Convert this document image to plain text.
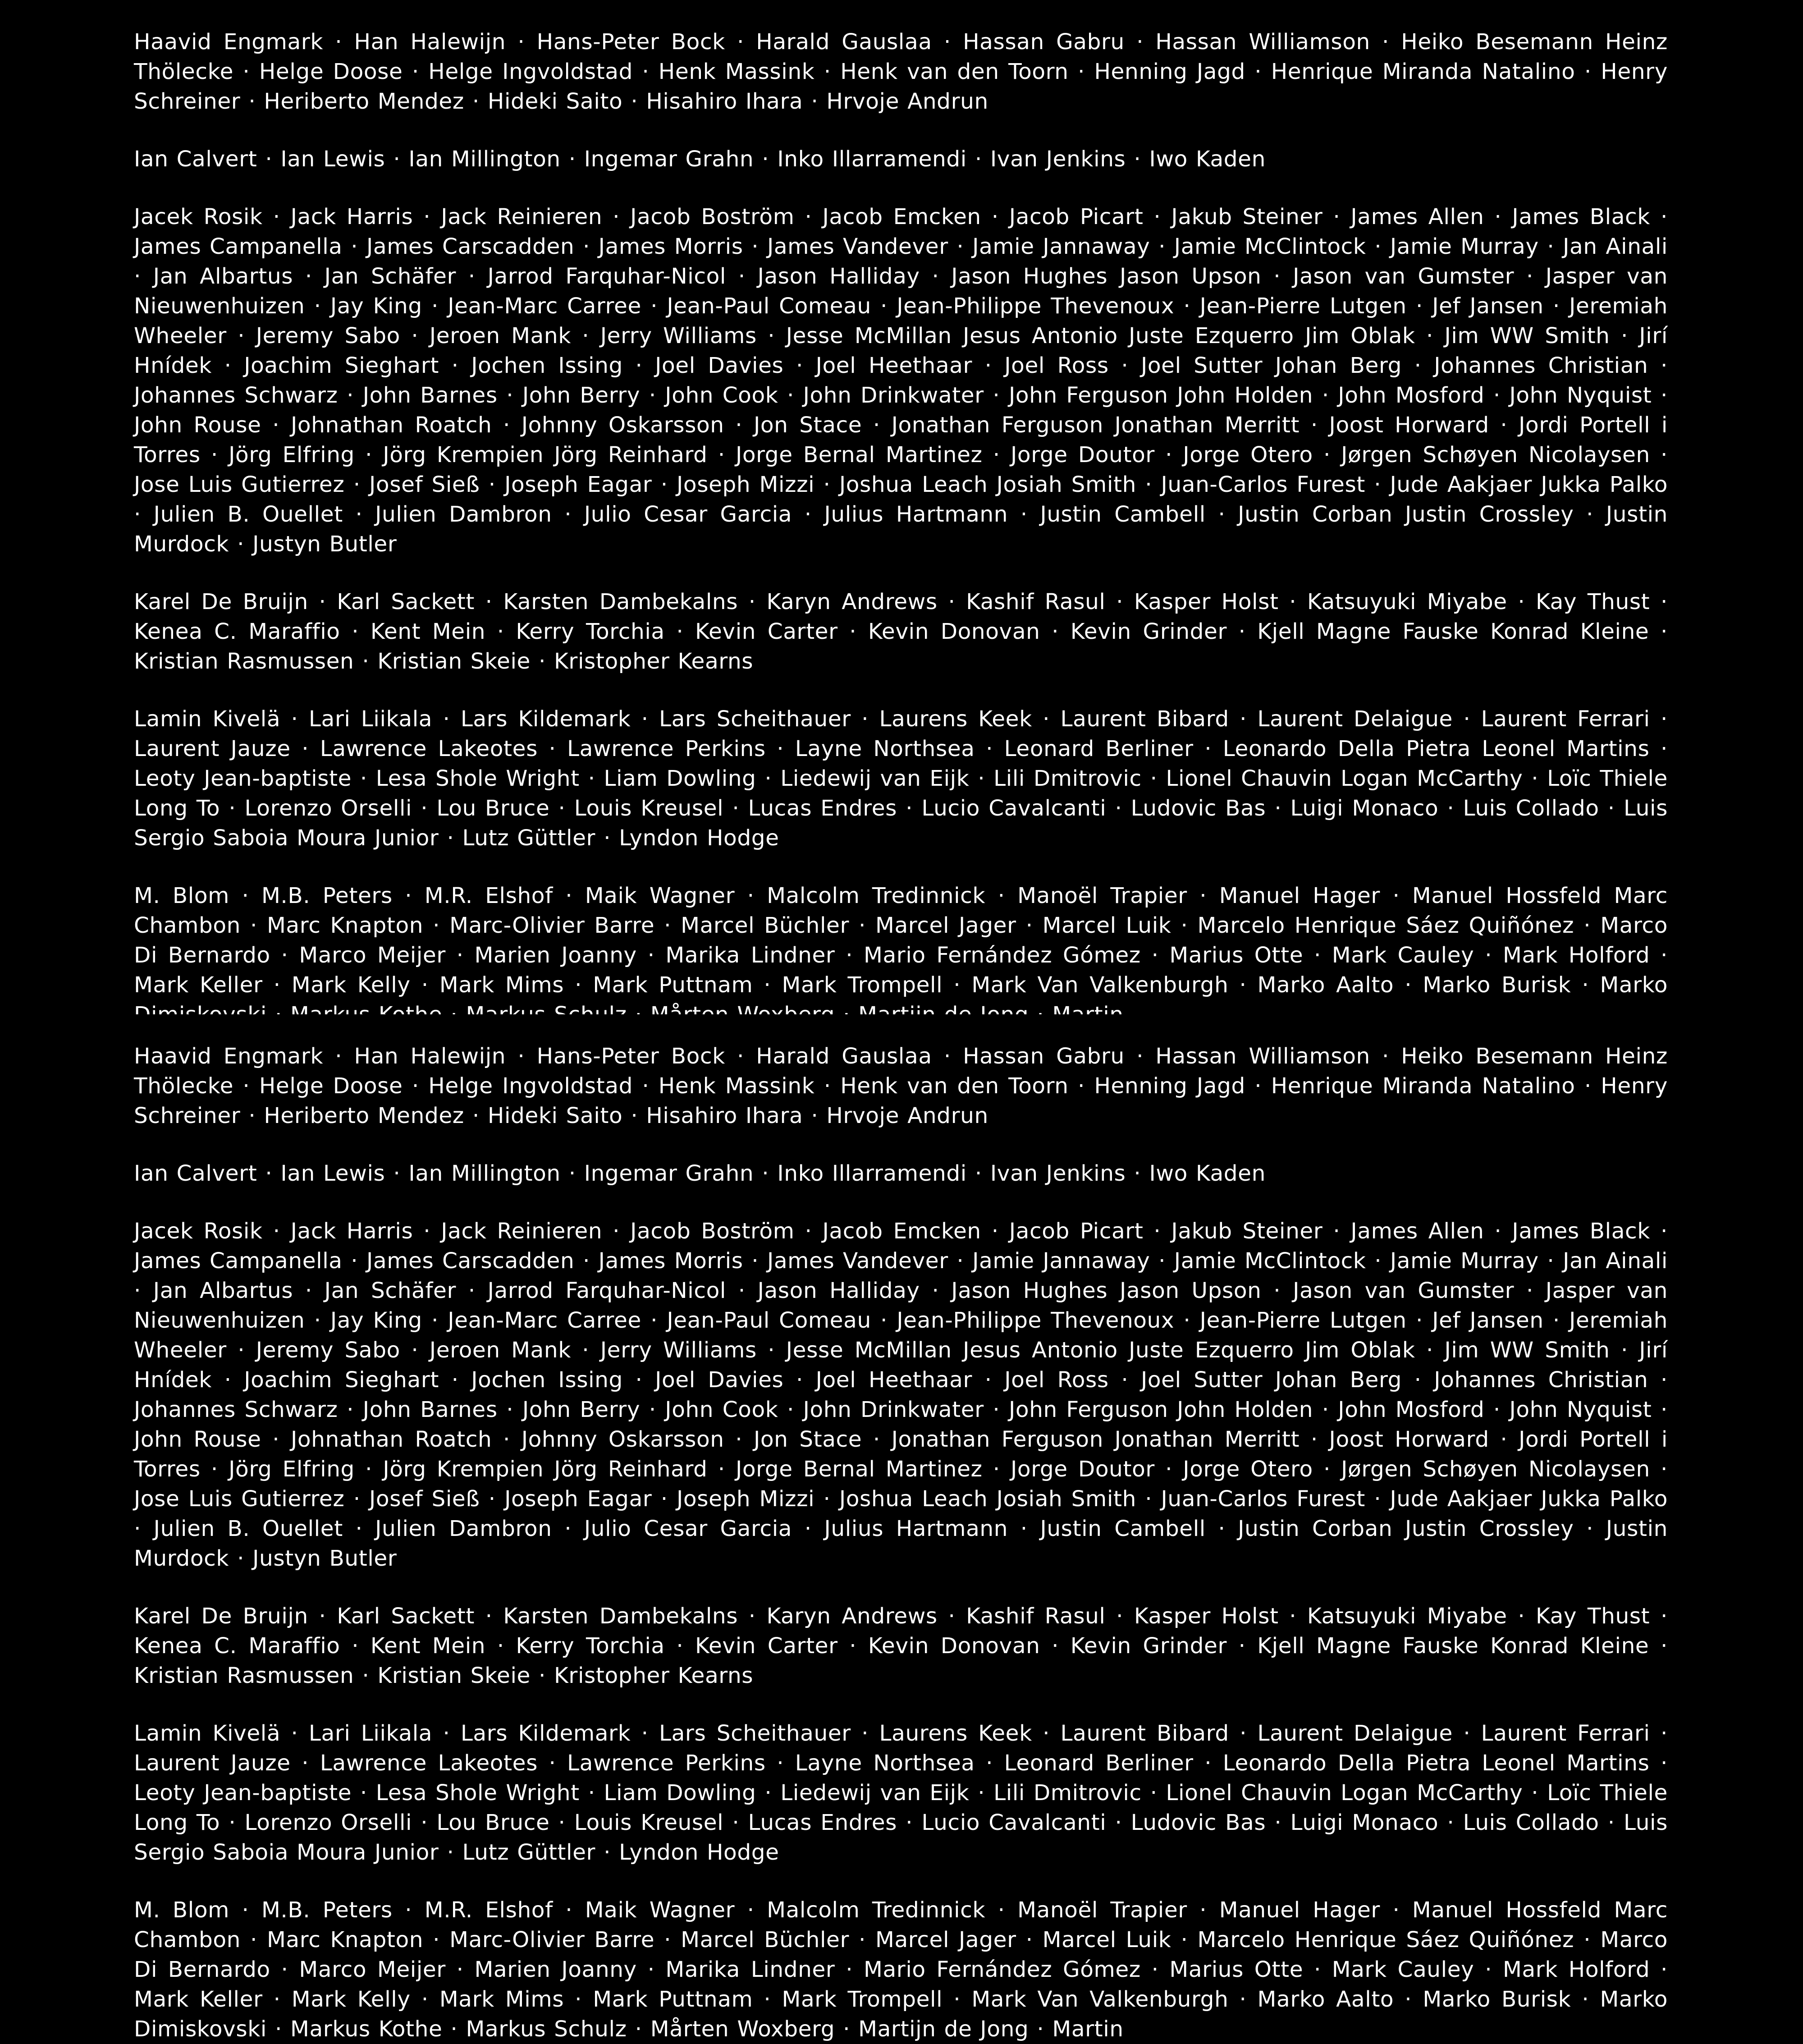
Haavid Engmark · Han Halewijn · Hans-Peter Bock · Harald Gauslaa · Hassan Gabru · Hassan Williamson · Heiko Besemann Heinz Thölecke · Helge Doose · Helge Ingvoldstad · Henk Massink · Henk van den Toorn · Henning Jagd · Henrique Miranda Natalino · Henry Schreiner · Heriberto Mendez · Hideki Saito · Hisahiro Ihara · Hrvoje Andrun

Ian Calvert · Ian Lewis · Ian Millington · Ingemar Grahn · Inko Illarramendi · Ivan Jenkins · Iwo Kaden

Jacek Rosik · Jack Harris · Jack Reinieren · Jacob Boström · Jacob Emcken · Jacob Picart · Jakub Steiner · James Allen · James Black · James Campanella · James Carscadden · James Morris · James Vandever · Jamie Jannaway · Jamie McClintock · Jamie Murray · Jan Ainali · Jan Albartus · Jan Schäfer · Jarrod Farquhar-Nicol · Jason Halliday · Jason Hughes Jason Upson · Jason van Gumster · Jasper van Nieuwenhuizen · Jay King · Jean-Marc Carree · Jean-Paul Comeau · Jean-Philippe Thevenoux · Jean-Pierre Lutgen · Jef Jansen · Jeremiah Wheeler · Jeremy Sabo · Jeroen Mank · Jerry Williams · Jesse McMillan Jesus Antonio Juste Ezquerro Jim Oblak · Jim WW Smith · Jirí Hnídek · Joachim Sieghart · Jochen Issing · Joel Davies · Joel Heethaar · Joel Ross · Joel Sutter Johan Berg · Johannes Christian · Johannes Schwarz · John Barnes · John Berry · John Cook · John Drinkwater · John Ferguson John Holden · John Mosford · John Nyquist · John Rouse · Johnathan Roatch · Johnny Oskarsson · Jon Stace · Jonathan Ferguson Jonathan Merritt · Joost Horward · Jordi Portell i Torres · Jörg Elfring · Jörg Krempien Jörg Reinhard · Jorge Bernal Martinez · Jorge Doutor · Jorge Otero · Jørgen Schøyen Nicolaysen · Jose Luis Gutierrez · Josef Sieß · Joseph Eagar · Joseph Mizzi · Joshua Leach Josiah Smith · Juan-Carlos Furest · Jude Aakjaer Jukka Palko · Julien B. Ouellet · Julien Dambron · Julio Cesar Garcia · Julius Hartmann · Justin Cambell · Justin Corban Justin Crossley · Justin Murdock · Justyn Butler

Karel De Bruijn · Karl Sackett · Karsten Dambekalns · Karyn Andrews · Kashif Rasul · Kasper Holst · Katsuyuki Miyabe · Kay Thust · Kenea C. Maraffio · Kent Mein · Kerry Torchia · Kevin Carter · Kevin Donovan · Kevin Grinder · Kjell Magne Fauske Konrad Kleine · Kristian Rasmussen · Kristian Skeie · Kristopher Kearns

Lamin Kivelä · Lari Liikala · Lars Kildemark · Lars Scheithauer · Laurens Keek · Laurent Bibard · Laurent Delaigue · Laurent Ferrari · Laurent Jauze · Lawrence Lakeotes · Lawrence Perkins · Layne Northsea · Leonard Berliner · Leonardo Della Pietra Leonel Martins · Leoty Jean-baptiste · Lesa Shole Wright · Liam Dowling · Liedewij van Eijk · Lili Dmitrovic · Lionel Chauvin Logan McCarthy · Loïc Thiele Long To · Lorenzo Orselli · Lou Bruce · Louis Kreusel · Lucas Endres · Lucio Cavalcanti · Ludovic Bas · Luigi Monaco · Luis Collado · Luis Sergio Saboia Moura Junior · Lutz Güttler · Lyndon Hodge

M. Blom · M.B. Peters · M.R. Elshof · Maik Wagner · Malcolm Tredinnick · Manoël Trapier · Manuel Hager · Manuel Hossfeld Marc Chambon · Marc Knapton · Marc-Olivier Barre · Marcel Büchler · Marcel Jager · Marcel Luik · Marcelo Henrique Sáez Quiñónez · Marco Di Bernardo · Marco Meijer · Marien Joanny · Marika Lindner · Mario Fernández Gómez · Marius Otte · Mark Cauley · Mark Holford · Mark Keller · Mark Kelly · Mark Mims · Mark Puttnam · Mark Trompell · Mark Van Valkenburgh · Marko Aalto · Marko Burisk · Marko

Haavid Engmark · Han Halewijn · Hans-Peter Bock · Harald Gauslaa · Hassan Gabru · Hassan Williamson · Heiko Besemann Heinz Thölecke · Helge Doose · Helge Ingvoldstad · Henk Massink · Henk van den Toorn · Henning Jagd · Henrique Miranda Natalino · Henry Schreiner · Heriberto Mendez · Hideki Saito · Hisahiro Ihara · Hrvoje Andrun

Ian Calvert · Ian Lewis · Ian Millington · Ingemar Grahn · Inko Illarramendi · Ivan Jenkins · Iwo Kaden

Jacek Rosik · Jack Harris · Jack Reinieren · Jacob Boström · Jacob Emcken · Jacob Picart · Jakub Steiner · James Allen · James Black · James Campanella · James Carscadden · James Morris · James Vandever · Jamie Jannaway · Jamie McClintock · Jamie Murray · Jan Ainali · Jan Albartus · Jan Schäfer · Jarrod Farquhar-Nicol · Jason Halliday · Jason Hughes Jason Upson · Jason van Gumster · Jasper van Nieuwenhuizen · Jay King · Jean-Marc Carree · Jean-Paul Comeau · Jean-Philippe Thevenoux · Jean-Pierre Lutgen · Jef Jansen · Jeremiah Wheeler · Jeremy Sabo · Jeroen Mank · Jerry Williams · Jesse McMillan Jesus Antonio Juste Ezquerro Jim Oblak · Jim WW Smith · Jirí Hnídek · Joachim Sieghart · Jochen Issing · Joel Davies · Joel Heethaar · Joel Ross · Joel Sutter Johan Berg · Johannes Christian · Johannes Schwarz · John Barnes · John Berry · John Cook · John Drinkwater · John Ferguson John Holden · John Mosford · John Nyquist · John Rouse · Johnathan Roatch · Johnny Oskarsson · Jon Stace · Jonathan Ferguson Jonathan Merritt · Joost Horward · Jordi Portell i Torres · Jörg Elfring · Jörg Krempien Jörg Reinhard · Jorge Bernal Martinez · Jorge Doutor · Jorge Otero · Jørgen Schøyen Nicolaysen · Jose Luis Gutierrez · Josef Sieß · Joseph Eagar · Joseph Mizzi · Joshua Leach Josiah Smith · Juan-Carlos Furest · Jude Aakjaer Jukka Palko · Julien B. Ouellet · Julien Dambron · Julio Cesar Garcia · Julius Hartmann · Justin Cambell · Justin Corban Justin Crossley · Justin Murdock · Justyn Butler

Karel De Bruijn · Karl Sackett · Karsten Dambekalns · Karyn Andrews · Kashif Rasul · Kasper Holst · Katsuyuki Miyabe · Kay Thust · Kenea C. Maraffio · Kent Mein · Kerry Torchia · Kevin Carter · Kevin Donovan · Kevin Grinder · Kjell Magne Fauske Konrad Kleine · Kristian Rasmussen · Kristian Skeie · Kristopher Kearns

Lamin Kivelä · Lari Liikala · Lars Kildemark · Lars Scheithauer · Laurens Keek · Laurent Bibard · Laurent Delaigue · Laurent Ferrari · Laurent Jauze · Lawrence Lakeotes · Lawrence Perkins · Layne Northsea · Leonard Berliner · Leonardo Della Pietra Leonel Martins · Leoty Jean-baptiste · Lesa Shole Wright · Liam Dowling · Liedewij van Eijk · Lili Dmitrovic · Lionel Chauvin Logan McCarthy · Loïc Thiele Long To · Lorenzo Orselli · Lou Bruce · Louis Kreusel · Lucas Endres · Lucio Cavalcanti · Ludovic Bas · Luigi Monaco · Luis Collado · Luis Sergio Saboia Moura Junior · Lutz Güttler · Lyndon Hodge

M. Blom · M.B. Peters · M.R. Elshof · Maik Wagner · Malcolm Tredinnick · Manoël Trapier · Manuel Hager · Manuel Hossfeld Marc Chambon · Marc Knapton · Marc-Olivier Barre · Marcel Büchler · Marcel Jager · Marcel Luik · Marcelo Henrique Sáez Quiñónez · Marco Di Bernardo · Marco Meijer · Marien Joanny · Marika Lindner · Mario Fernández Gómez · Marius Otte · Mark Cauley · Mark Holford · Mark Keller · Mark Kelly · Mark Mims · Mark Puttnam · Mark Trompell · Mark Van Valkenburgh · Marko Aalto · Marko Burisk · Marko Dimiskovski · Markus Kothe · Markus Schulz · Mårten Woxberg · Martijn de Jong · Martin
